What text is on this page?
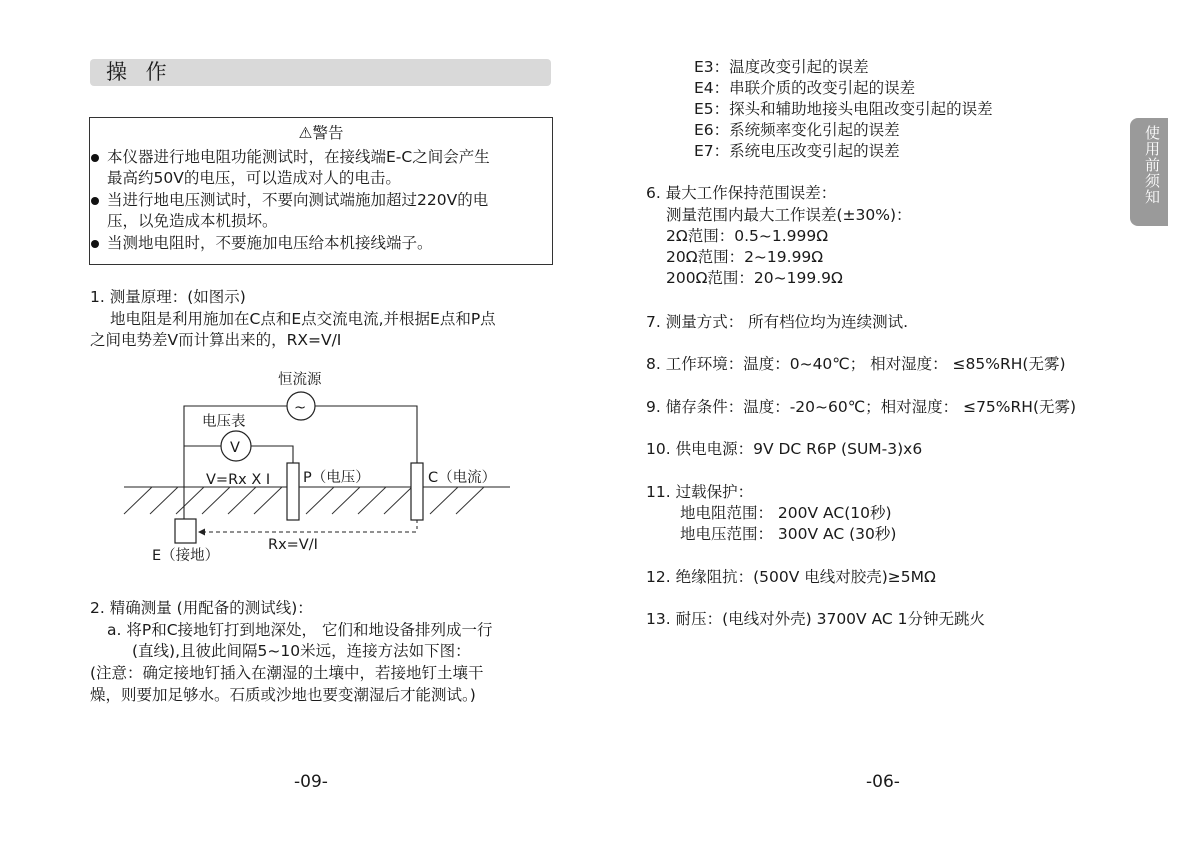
操 作
⚠警告
本仪器进行地电阻功能测试时，在接线端E-C之间会产生
最高约50V的电压，可以造成对人的电击。
当进行地电压测试时，不要向测试端施加超过220V的电
压，以免造成本机损坏。
当测地电阻时，不要施加电压给本机接线端子。
1. 测量原理：(如图示)
地电阻是利用施加在C点和E点交流电流,并根据E点和P点
之间电势差V而计算出来的，RX=V/I
恒流源
~
电压表
V
V=Rx X I P（电压）	C（电流）
Rx=V/I
E（接地）
2. 精确测量 (用配备的测试线)：
a. 将P和C接地钉打到地深处， 它们和地设备排列成一行
(直线),且彼此间隔5~10米远，连接方法如下图：
(注意：确定接地钉插入在潮湿的土壤中，若接地钉土壤干
燥，则要加足够水。石质或沙地也要变潮湿后才能测试。)
-09-
E3：温度改变引起的误差
E4：串联介质的改变引起的误差
E5：探头和辅助地接头电阻改变引起的误差
E6：系统频率变化引起的误差
E7：系统电压改变引起的误差
6. 最大工作保持范围误差：
测量范围内最大工作误差(±30%)：
2Ω范围：0.5~1.999Ω
20Ω范围：2~19.99Ω
200Ω范围：20~199.9Ω
7. 测量方式： 所有档位均为连续测试.
8. 工作环境：温度：0~40℃； 相对湿度： ≤85%RH(无雾)
9. 储存条件：温度：-20~60℃；相对湿度： ≤75%RH(无雾)
10. 供电电源：9V DC R6P (SUM-3)x6
11. 过载保护：
地电阻范围： 200V AC(10秒)
地电压范围： 300V AC (30秒)
12. 绝缘阻抗：(500V 电线对胶壳)≥5MΩ
13. 耐压：(电线对外壳) 3700V AC 1分钟无跳火
使用前须知
-06-
